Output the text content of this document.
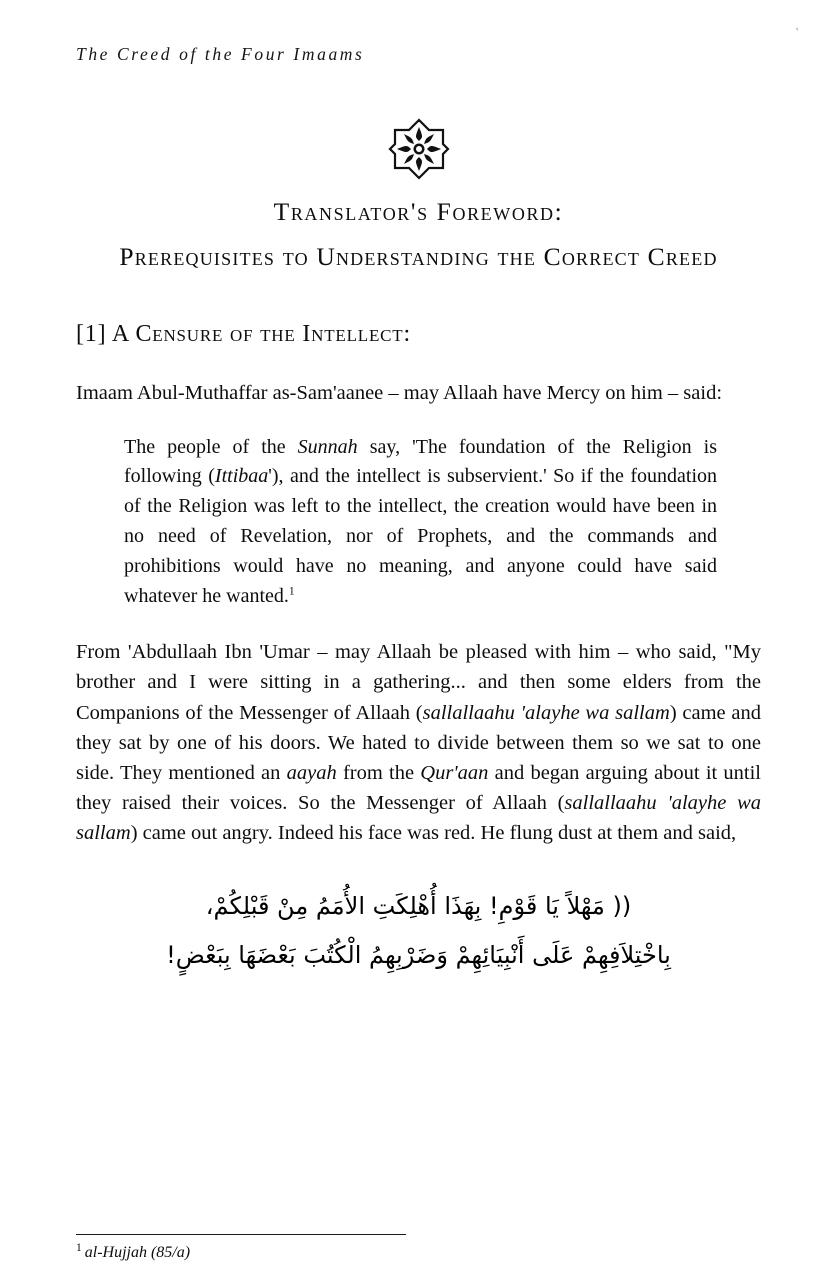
'
The Creed of the Four Imaams
Translator's Foreword:
Prerequisites to Understanding the Correct Creed
[1] A Censure of the Intellect:

Imaam Abul-Muthaffar as-Sam'aanee – may Allaah have Mercy on him – said:

The people of the Sunnah say, 'The foundation of the Religion is following (Ittibaa'), and the intellect is subservient.' So if the foundation of the Religion was left to the intellect, the creation would have been in no need of Revelation, nor of Prophets, and the commands and prohibitions would have no meaning, and anyone could have said whatever he wanted.$^1$

From 'Abdullaah Ibn 'Umar – may Allaah be pleased with him – who said, "My brother and I were sitting in a gathering... and then some elders from the Companions of the Messenger of Allaah (sallallaahu 'alayhe wa sallam) came and they sat by one of his doors. We hated to divide between them so we sat to one side. They mentioned an aayah from the Qur'aan and began arguing about it until they raised their voices. So the Messenger of Allaah (sallallaahu 'alayhe wa sallam) came out angry. Indeed his face was red. He flung dust at them and said,

(( مَهْلاً يَا قَوْمِ! بِهَذَا أُهْلِكَتِ الأُمَمُ مِنْ قَبْلِكُمْ،
بِاخْتِلاَفِهِمْ عَلَى أَنْبِيَائِهِمْ وَضَرْبِهِمُ الْكُتُبَ بَعْضَهَا بِبَعْضٍ!
$^1$ al-Hujjah (85/a)
